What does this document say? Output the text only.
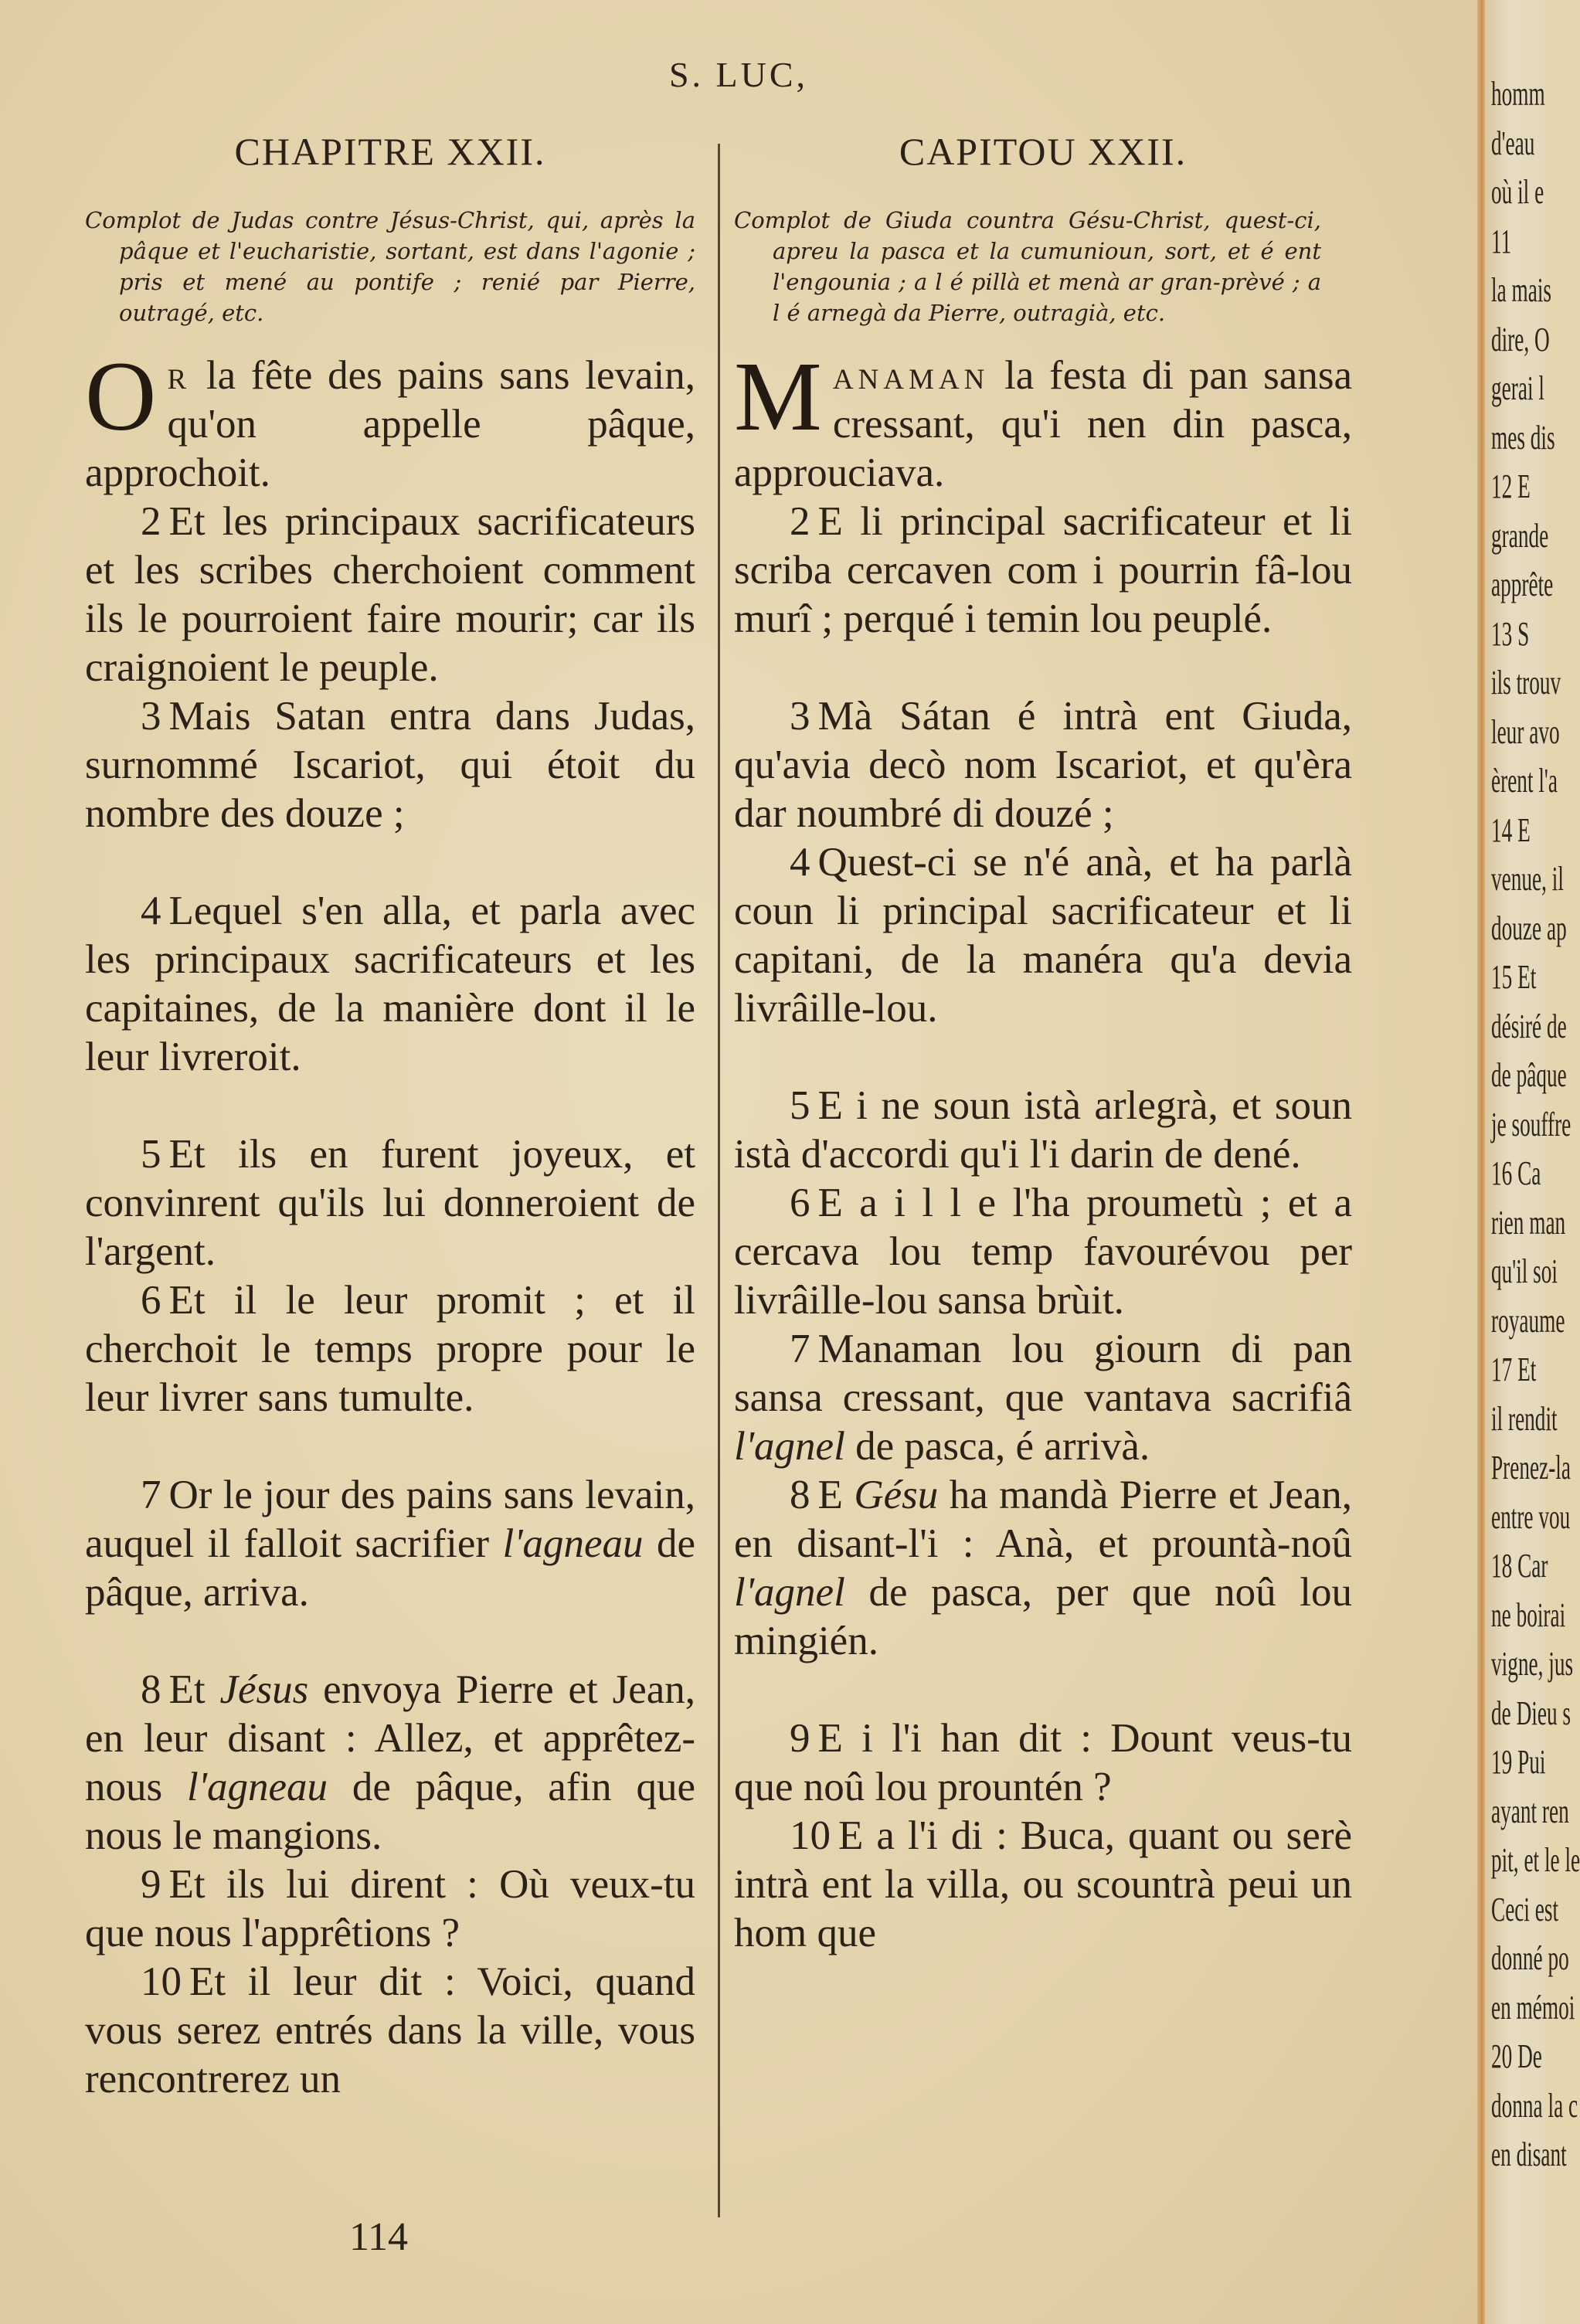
S. LUC,
CHAPITRE XXII.

Complot de Judas contre Jésus-Christ, qui, après la pâque et l'eucharistie, sortant, est dans l'agonie ; pris et mené au pontife ; renié par Pierre, outragé, etc.

Or la fête des pains sans levain, qu'on appelle pâque, approchoit.

2 Et les principaux sacrificateurs et les scribes cherchoient comment ils le pourroient faire mourir; car ils craignoient le peuple.

3 Mais Satan entra dans Judas, surnommé Iscariot, qui étoit du nombre des douze ;

4 Lequel s'en alla, et parla avec les principaux sacrificateurs et les capitaines, de la manière dont il le leur livreroit.

5 Et ils en furent joyeux, et convinrent qu'ils lui donneroient de l'argent.

6 Et il le leur promit ; et il cherchoit le temps propre pour le leur livrer sans tumulte.

7 Or le jour des pains sans levain, auquel il falloit sacrifier l'agneau de pâque, arriva.

8 Et Jésus envoya Pierre et Jean, en leur disant : Allez, et apprêtez-nous l'agneau de pâque, afin que nous le mangions.

9 Et ils lui dirent : Où veux-tu que nous l'apprêtions ?

10 Et il leur dit : Voici, quand vous serez entrés dans la ville, vous rencontrerez un

CAPITOU XXII.

Complot de Giuda countra Gésu-Christ, quest-ci, apreu la pasca et la cumunioun, sort, et é ent l'engounia ; a l é pillà et menà ar gran-prèvé ; a l é arnegà da Pierre, outragià, etc.

Manaman la festa di pan sansa cressant, qu'i nen din pasca, approuciava.

2 E li principal sacrificateur et li scriba cercaven com i pourrin fâ-lou murî ; perqué i temin lou peuplé.

3 Mà Sátan é intrà ent Giuda, qu'avia decò nom Iscariot, et qu'èra dar noumbré di douzé ;

4 Quest-ci se n'é anà, et ha parlà coun li principal sacrificateur et li capitani, de la manéra qu'a devia livrâille-lou.

5 E i ne soun istà arlegrà, et soun istà d'accordi qu'i l'i darin de dené.

6 E a i l l e l'ha proumetù ; et a cercava lou temp favourévou per livrâille-lou sansa brùit.

7 Manaman lou giourn di pan sansa cressant, que vantava sacrifiâ l'agnel de pasca, é arrivà.

8 E Gésu ha mandà Pierre et Jean, en disant-l'i : Anà, et prountà-noû l'agnel de pasca, per que noû lou mingién.

9 E i l'i han dit : Dount veus-tu que noû lou prountén ?

10 E a l'i di : Buca, quant ou serè intrà ent la villa, ou scountrà peui un hom que

114
homm
d'eau
où il e
11
la mais
dire, O
gerai l
mes dis
12 E
grande
apprête
13 S
ils trouv
leur avo
èrent l'a
14 E
venue, il
douze ap
15 Et
désiré de
de pâque
je souffre
16 Ca
rien man
qu'il soi
royaume
17 Et
il rendit
Prenez-la
entre vou
18 Car
ne boirai
vigne, jus
de Dieu s
19 Pui
ayant ren
pit, et le le
Ceci est
donné po
en mémoi
20 De
donna la c
en disant
